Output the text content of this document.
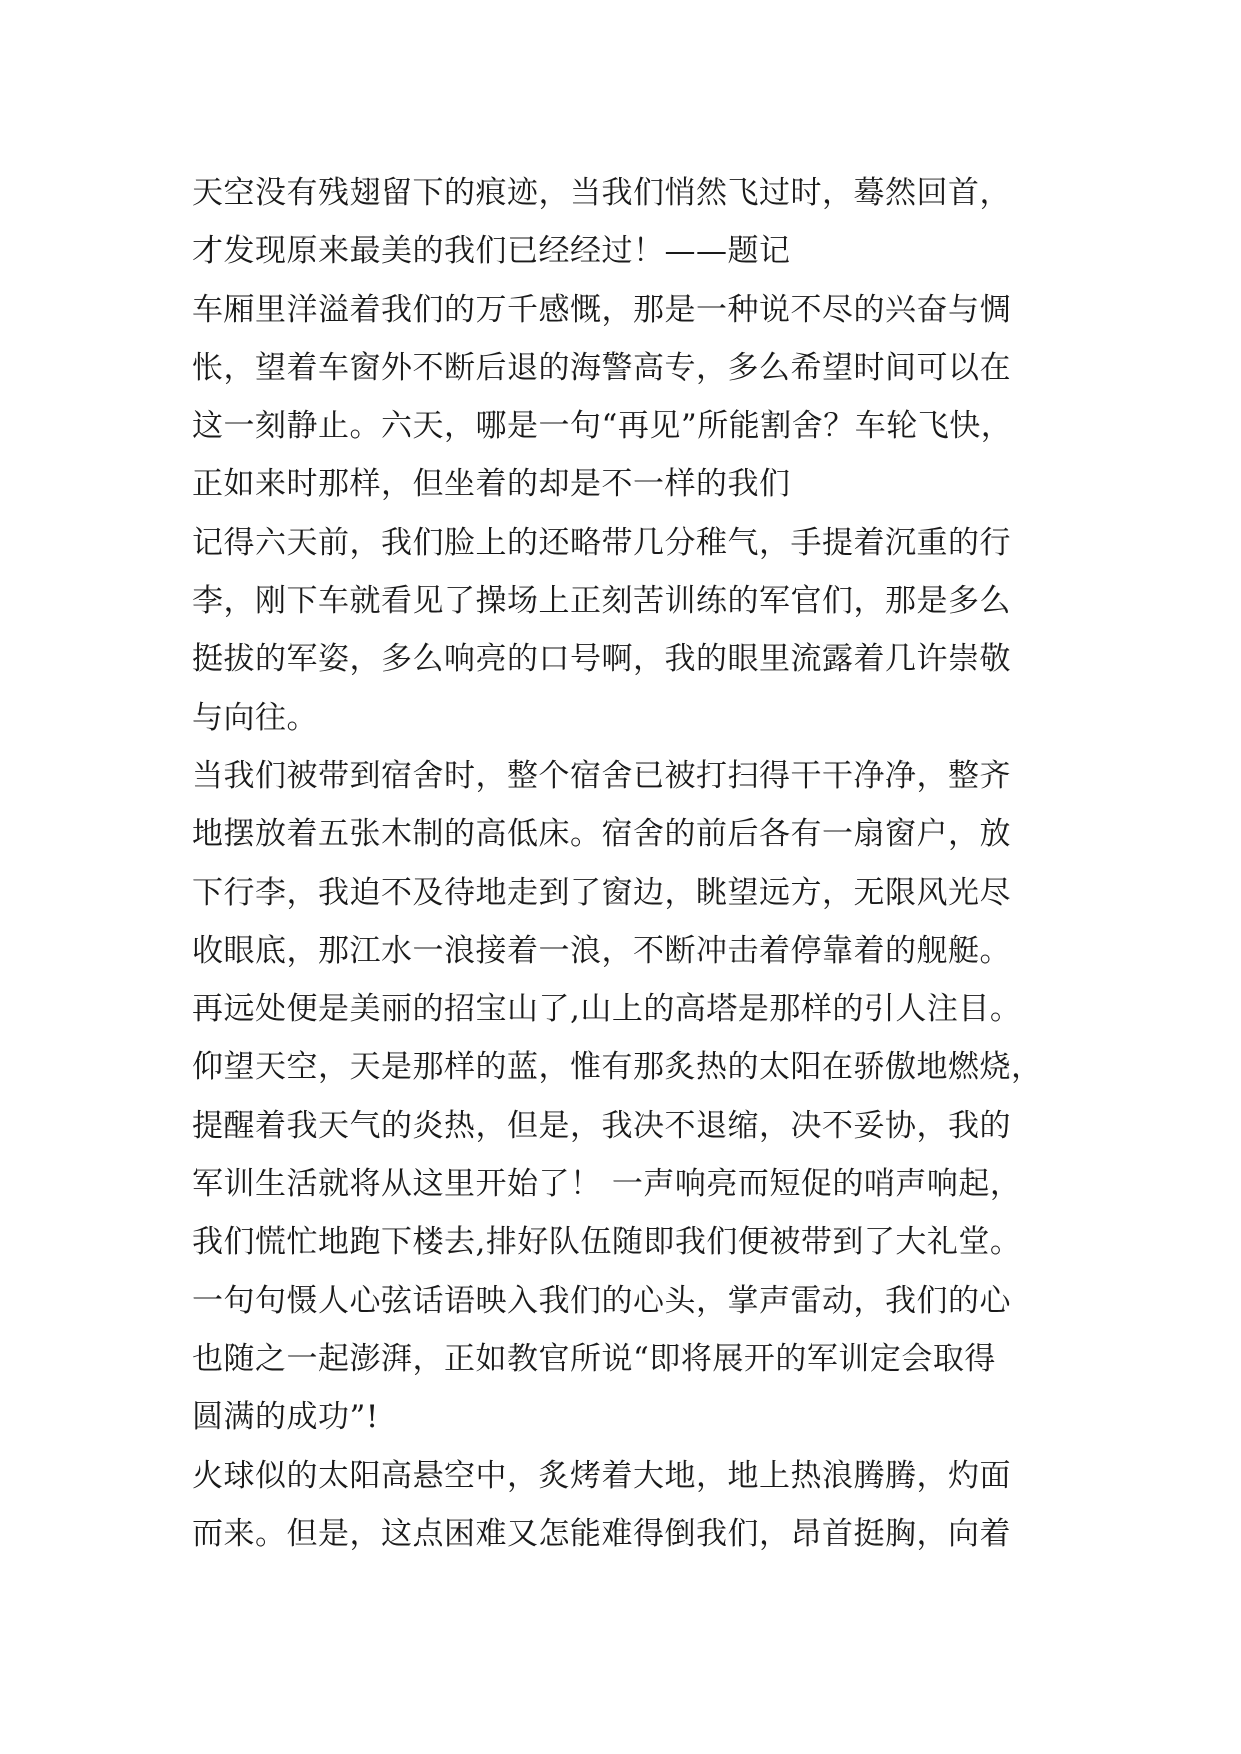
天空没有残翅留下的痕迹，当我们悄然飞过时，蓦然回首，
才发现原来最美的我们已经经过！——题记
车厢里洋溢着我们的万千感慨，那是一种说不尽的兴奋与惆
怅，望着车窗外不断后退的海警高专，多么希望时间可以在
这一刻静止。六天，哪是一句“再见”所能割舍？车轮飞快，
正如来时那样，但坐着的却是不一样的我们
记得六天前，我们脸上的还略带几分稚气，手提着沉重的行
李，刚下车就看见了操场上正刻苦训练的军官们，那是多么
挺拔的军姿，多么响亮的口号啊，我的眼里流露着几许崇敬
与向往。
当我们被带到宿舍时，整个宿舍已被打扫得干干净净，整齐
地摆放着五张木制的高低床。宿舍的前后各有一扇窗户，放
下行李，我迫不及待地走到了窗边，眺望远方，无限风光尽
收眼底，那江水一浪接着一浪，不断冲击着停靠着的舰艇。
再远处便是美丽的招宝山了,山上的高塔是那样的引人注目。
仰望天空，天是那样的蓝，惟有那炙热的太阳在骄傲地燃烧，
提醒着我天气的炎热，但是，我决不退缩，决不妥协，我的
军训生活就将从这里开始了！ 一声响亮而短促的哨声响起，
我们慌忙地跑下楼去,排好队伍随即我们便被带到了大礼堂。
一句句慑人心弦话语映入我们的心头，掌声雷动，我们的心
也随之一起澎湃，正如教官所说“即将展开的军训定会取得
圆满的成功”!
火球似的太阳高悬空中，炙烤着大地，地上热浪腾腾，灼面
而来。但是，这点困难又怎能难得倒我们，昂首挺胸，向着
